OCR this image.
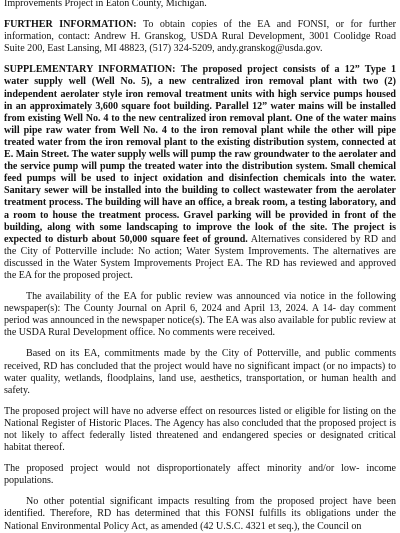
Improvements Project in Eaton County, Michigan.

FURTHER INFORMATION: To obtain copies of the EA and FONSI, or for further information, contact: Andrew H. Granskog, USDA Rural Development, 3001 Coolidge Road Suite 200, East Lansing, MI 48823, (517) 324-5209, andy.granskog@usda.gov.

SUPPLEMENTARY INFORMATION: The proposed project consists of a 12” Type 1 water supply well (Well No. 5), a new centralized iron removal plant with two (2) independent aerolater style iron removal treatment units with high service pumps housed in an approximately 3,600 square foot building. Parallel 12” water mains will be installed from existing Well No. 4 to the new centralized iron removal plant. One of the water mains will pipe raw water from Well No. 4 to the iron removal plant while the other will pipe treated water from the iron removal plant to the existing distribution system, connected at E. Main Street. The water supply wells will pump the raw groundwater to the aerolater and the service pump will pump the treated water into the distribution system. Small chemical feed pumps will be used to inject oxidation and disinfection chemicals into the water. Sanitary sewer will be installed into the building to collect wastewater from the aerolater treatment process. The building will have an office, a break room, a testing laboratory, and a room to house the treatment process. Gravel parking will be provided in front of the building, along with some landscaping to improve the look of the site. The project is expected to disturb about 50,000 square feet of ground. Alternatives considered by RD and the City of Potterville include: No action; Water System Improvements. The alternatives are discussed in the Water System Improvements Project EA. The RD has reviewed and approved the EA for the proposed project.

The availability of the EA for public review was announced via notice in the following newspaper(s): The County Journal on April 6, 2024 and April 13, 2024. A 14- day comment period was announced in the newspaper notice(s). The EA was also available for public review at the USDA Rural Development office. No comments were received.

Based on its EA, commitments made by the City of Potterville, and public comments received, RD has concluded that the project would have no significant impact (or no impacts) to water quality, wetlands, floodplains, land use, aesthetics, transportation, or human health and safety.

The proposed project will have no adverse effect on resources listed or eligible for listing on the National Register of Historic Places. The Agency has also concluded that the proposed project is not likely to affect federally listed threatened and endangered species or designated critical habitat thereof.

The proposed project would not disproportionately affect minority and/or low- income populations.

No other potential significant impacts resulting from the proposed project have been identified. Therefore, RD has determined that this FONSI fulfills its obligations under the National Environmental Policy Act, as amended (42 U.S.C. 4321 et seq.), the Council on
